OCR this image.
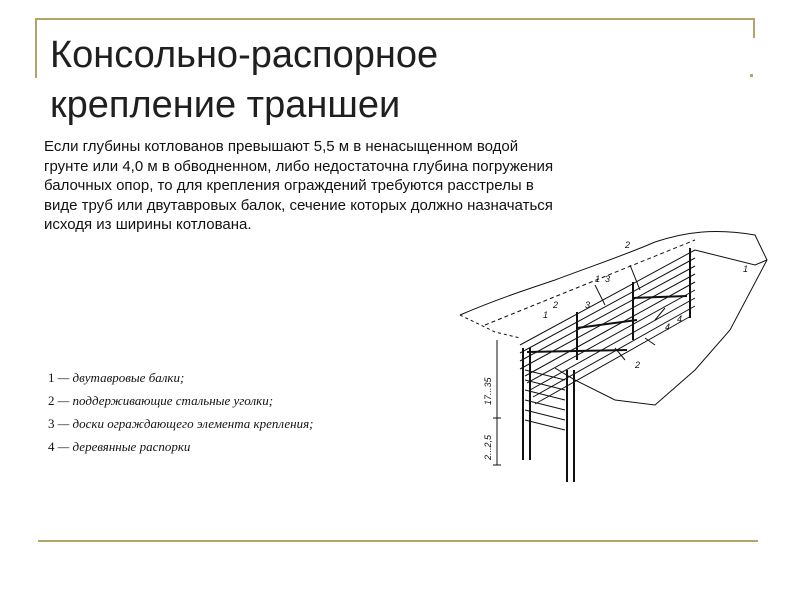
Консольно-распорное
крепление траншеи
Если глубины котлованов превышают 5,5 м в ненасыщенном водой
грунте или 4,0 м в обводненном, либо недостаточна глубина погружения
балочных опор, то для крепления ограждений требуются расстрелы в
виде труб или двутавровых балок, сечение которых должно назначаться
исходя из ширины котлована.
1 — двутавровые балки;
2 — поддерживающие стальные уголки;
3 — доски ограждающего элемента крепления;
4 — деревянные распорки
17...35
2...2,5
2
2
1
1
3
3
2
4
4
1
